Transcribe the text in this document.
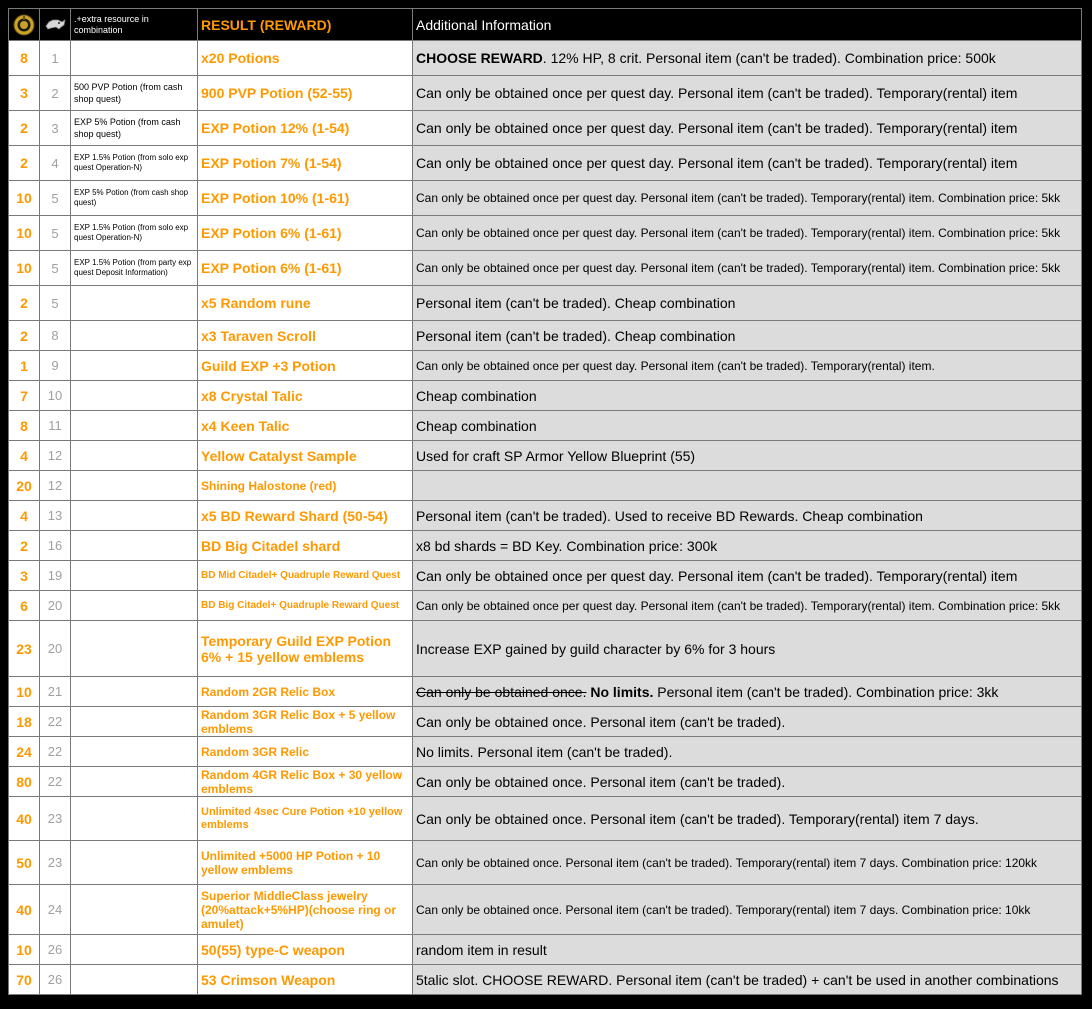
		.+extra resource in combination	RESULT (REWARD)	Additional Information
8	1		x20 Potions	CHOOSE REWARD. 12% HP, 8 crit. Personal item (can't be traded). Combination price: 500k
3	2	500 PVP Potion (from cash shop quest)	900 PVP Potion (52-55)	Can only be obtained once per quest day. Personal item (can't be traded). Temporary(rental) item
2	3	EXP 5% Potion (from cash shop quest)	EXP Potion 12% (1-54)	Can only be obtained once per quest day. Personal item (can't be traded). Temporary(rental) item
2	4	EXP 1.5% Potion (from solo exp quest Operation-N)	EXP Potion 7% (1-54)	Can only be obtained once per quest day. Personal item (can't be traded). Temporary(rental) item
10	5	EXP 5% Potion (from cash shop quest)	EXP Potion 10% (1-61)	Can only be obtained once per quest day. Personal item (can't be traded). Temporary(rental) item. Combination price: 5kk
10	5	EXP 1.5% Potion (from solo exp quest Operation-N)	EXP Potion 6% (1-61)	Can only be obtained once per quest day. Personal item (can't be traded). Temporary(rental) item. Combination price: 5kk
10	5	EXP 1.5% Potion (from party exp quest Deposit Information)	EXP Potion 6% (1-61)	Can only be obtained once per quest day. Personal item (can't be traded). Temporary(rental) item. Combination price: 5kk
2	5		x5 Random rune	Personal item (can't be traded). Cheap combination
2	8		x3 Taraven Scroll	Personal item (can't be traded). Cheap combination
1	9		Guild EXP +3 Potion	Can only be obtained once per quest day. Personal item (can't be traded). Temporary(rental) item.
7	10		x8 Crystal Talic	Cheap combination
8	11		x4 Keen Talic	Cheap combination
4	12		Yellow Catalyst Sample	Used for craft SP Armor Yellow Blueprint (55)
20	12		Shining Halostone (red)	
4	13		x5 BD Reward Shard (50-54)	Personal item (can't be traded). Used to receive BD Rewards. Cheap combination
2	16		BD Big Citadel shard	x8 bd shards = BD Key. Combination price: 300k
3	19		BD Mid Citadel+ Quadruple Reward Quest	Can only be obtained once per quest day. Personal item (can't be traded). Temporary(rental) item
6	20		BD Big Citadel+ Quadruple Reward Quest	Can only be obtained once per quest day. Personal item (can't be traded). Temporary(rental) item. Combination price: 5kk
23	20		Temporary Guild EXP Potion 6% + 15 yellow emblems	Increase EXP gained by guild character by 6% for 3 hours
10	21		Random 2GR Relic Box	Can only be obtained once. No limits. Personal item (can't be traded). Combination price: 3kk
18	22		Random 3GR Relic Box + 5 yellow emblems	Can only be obtained once. Personal item (can't be traded).
24	22		Random 3GR Relic	No limits. Personal item (can't be traded).
80	22		Random 4GR Relic Box + 30 yellow emblems	Can only be obtained once. Personal item (can't be traded).
40	23		Unlimited 4sec Cure Potion +10 yellow emblems	Can only be obtained once. Personal item (can't be traded). Temporary(rental) item 7 days.
50	23		Unlimited +5000 HP Potion + 10 yellow emblems	Can only be obtained once. Personal item (can't be traded). Temporary(rental) item 7 days. Combination price: 120kk
40	24		Superior MiddleClass jewelry (20%attack+5%HP)(choose ring or amulet)	Can only be obtained once. Personal item (can't be traded). Temporary(rental) item 7 days. Combination price: 10kk
10	26		50(55) type-C weapon	random item in result
70	26		53 Crimson Weapon	5talic slot. CHOOSE REWARD. Personal item (can't be traded) + can't be used in another combinations
